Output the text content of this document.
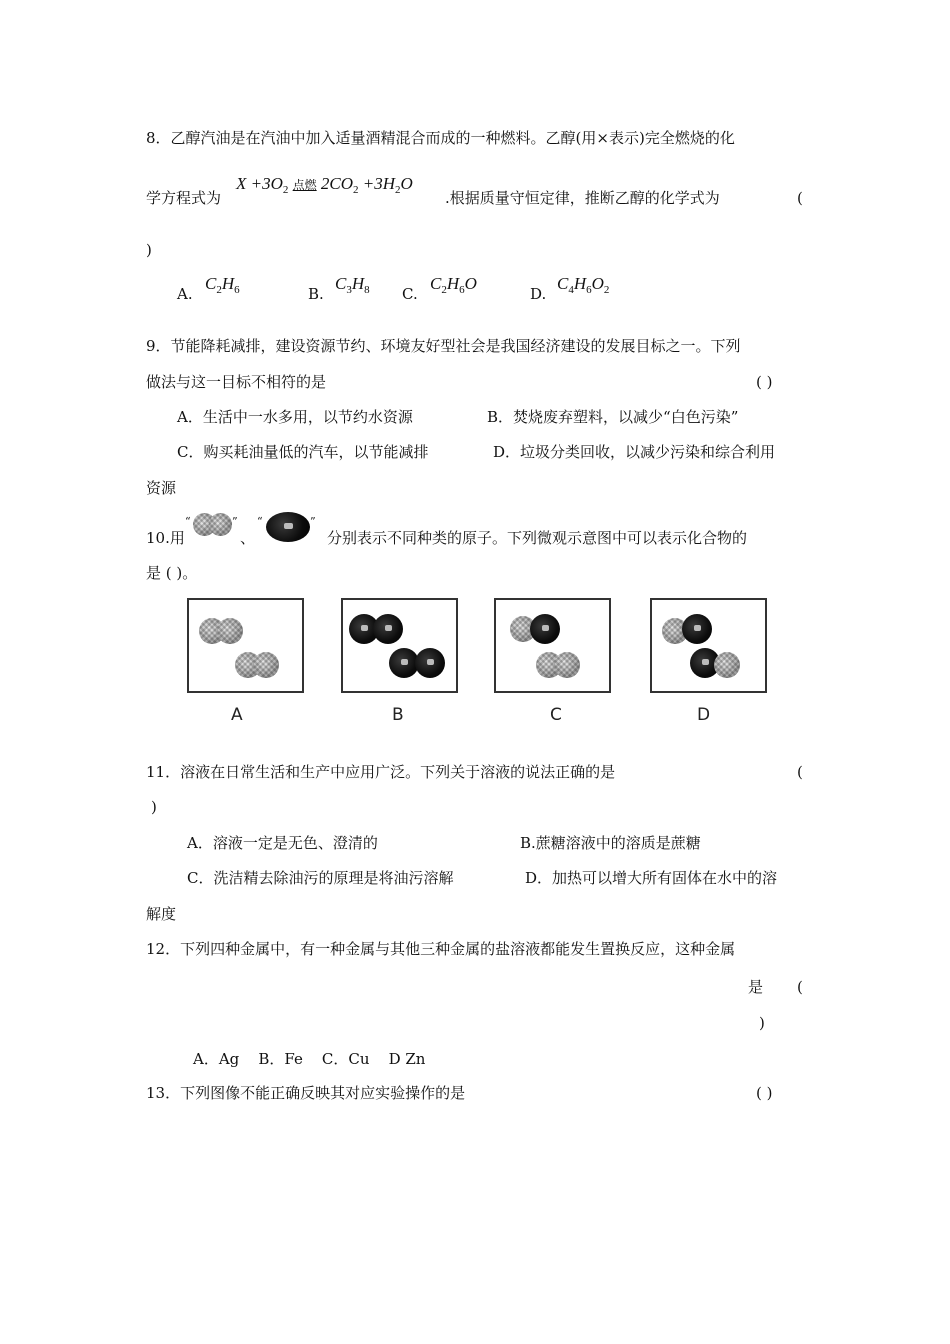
8．乙醇汽油是在汽油中加入适量酒精混合而成的一种燃料。乙醇(用×表示)完全燃烧的化
学方程式为
$X +3O_2$ 点燃 $2CO_2 +3H_2O$
.根据质量守恒定律，推断乙醇的化学式为	(
)
A.
$C_2H_6$	B.
$C_3H_8$ C.
$C_2H_6O$
D.
$C_4H_6O_2$
9．节能降耗减排，建设资源节约、环境友好型社会是我国经济建设的发展目标之一。下列
做法与这一目标不相符的是	( )
A．生活中一水多用，以节约水资源	B．焚烧废弃塑料，以减少“白色污染”
C．购买耗油量低的汽车，以节能减排	D．垃圾分类回收，以减少污染和综合利用
资源
10.用
“	”
、
“	”
分别表示不同种类的原子。下列微观示意图中可以表示化合物的
是 ( )。
A	B	C	D
11．溶液在日常生活和生产中应用广泛。下列关于溶液的说法正确的是	(
)
A．溶液一定是无色、澄清的	B.蔗糖溶液中的溶质是蔗糖
C．洗洁精去除油污的原理是将油污溶解	D．加热可以增大所有固体在水中的溶
解度
12．下列四种金属中，有一种金属与其他三种金属的盐溶液都能发生置换反应，这种金属
是 (
)
A．Ag    B．Fe    C．Cu    D Zn
13．下列图像不能正确反映其对应实验操作的是	( )
